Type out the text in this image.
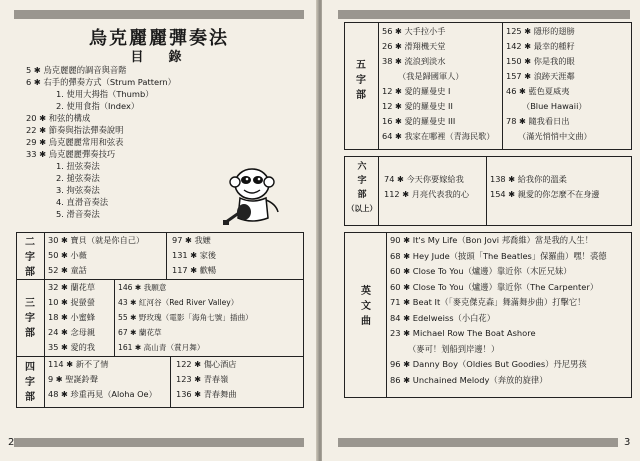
烏克麗麗彈奏法
目　錄
5 ✱ 烏克麗麗的調音與音階
6 ✱ 右手的彈奏方式（Strum Pattern）
1. 使用大拇指（Thumb）
2. 使用食指（Index）
20 ✱ 和弦的構成
22 ✱ 節奏與指法彈奏說明
29 ✱ 烏克麗麗常用和弦表
33 ✱ 烏克麗麗彈奏技巧
1. 扭弦奏法
2. 搥弦奏法
3. 拘弦奏法
4. 直滑音奏法
5. 滑音奏法
二
字
部
30 ✱ 寶貝（就是你自己）
50 ✱ 小薇
52 ✱ 童話
97 ✱ 我嬤
131 ✱ 家後
117 ✱ 歡暢
三
字
部
32 ✱ 蘭花草
10 ✱ 捉螢螢
18 ✱ 小蜜蜂
24 ✱ 念母親
35 ✱ 愛的我
146 ✱ 我願意
43 ✱ 紅河谷（Red River Valley）
55 ✱ 野玫瑰（電影「海角七號」插曲）
67 ✱ 蘭花草
161 ✱ 高山青（賞月舞）
四
字
部
114 ✱ 新不了情
9 ✱ 聖誕鈴聲
48 ✱ 珍重再見（Aloha Oe）
122 ✱ 傷心酒店
123 ✱ 青春嶺
136 ✱ 青春舞曲
2
五
字
部
56 ✱ 大手拉小手
26 ✱ 滑翔機天堂
38 ✱ 流浪到淡水
（我是歸國軍人）
12 ✱ 愛的羅曼史 I
12 ✱ 愛的羅曼史 II
16 ✱ 愛的羅曼史 III
64 ✱ 我家在哪裡（青海民歌）
125 ✱ 隱形的翅膀
142 ✱ 最幸的種籽
150 ✱ 你是我的眼
157 ✱ 浪跡天涯鄰
46 ✱ 藍色夏威夷
（Blue Hawaii）
78 ✱ 隨我看日出
（滿光悄悄中文曲）
六
字
部
（以上）
74 ✱ 今天你要嫁給我
112 ✱ 月亮代表我的心
138 ✱ 給我你的溫柔
154 ✱ 親愛的你怎麼不在身邊
英
文
曲
90 ✱ It's My Life（Bon Jovi 邦喬維）當是我的人生！
68 ✱ Hey Jude（披頭「The Beatles」保羅曲）嘿！裘德
60 ✱ Close To You（爐邊）靠近你（木匠兄妹）
60 ✱ Close To You（爐邊）靠近你（The Carpenter）
71 ✱ Beat It（「麥克傑克森」舞滿舞步曲）打擊它！
84 ✱ Edelweiss（小白花）
23 ✱ Michael Row The Boat Ashore
（麥可！划船到岸邊！）
96 ✱ Danny Boy（Oldies But Goodies）丹尼男孩
86 ✱ Unchained Melody（奔放的旋律）
3
